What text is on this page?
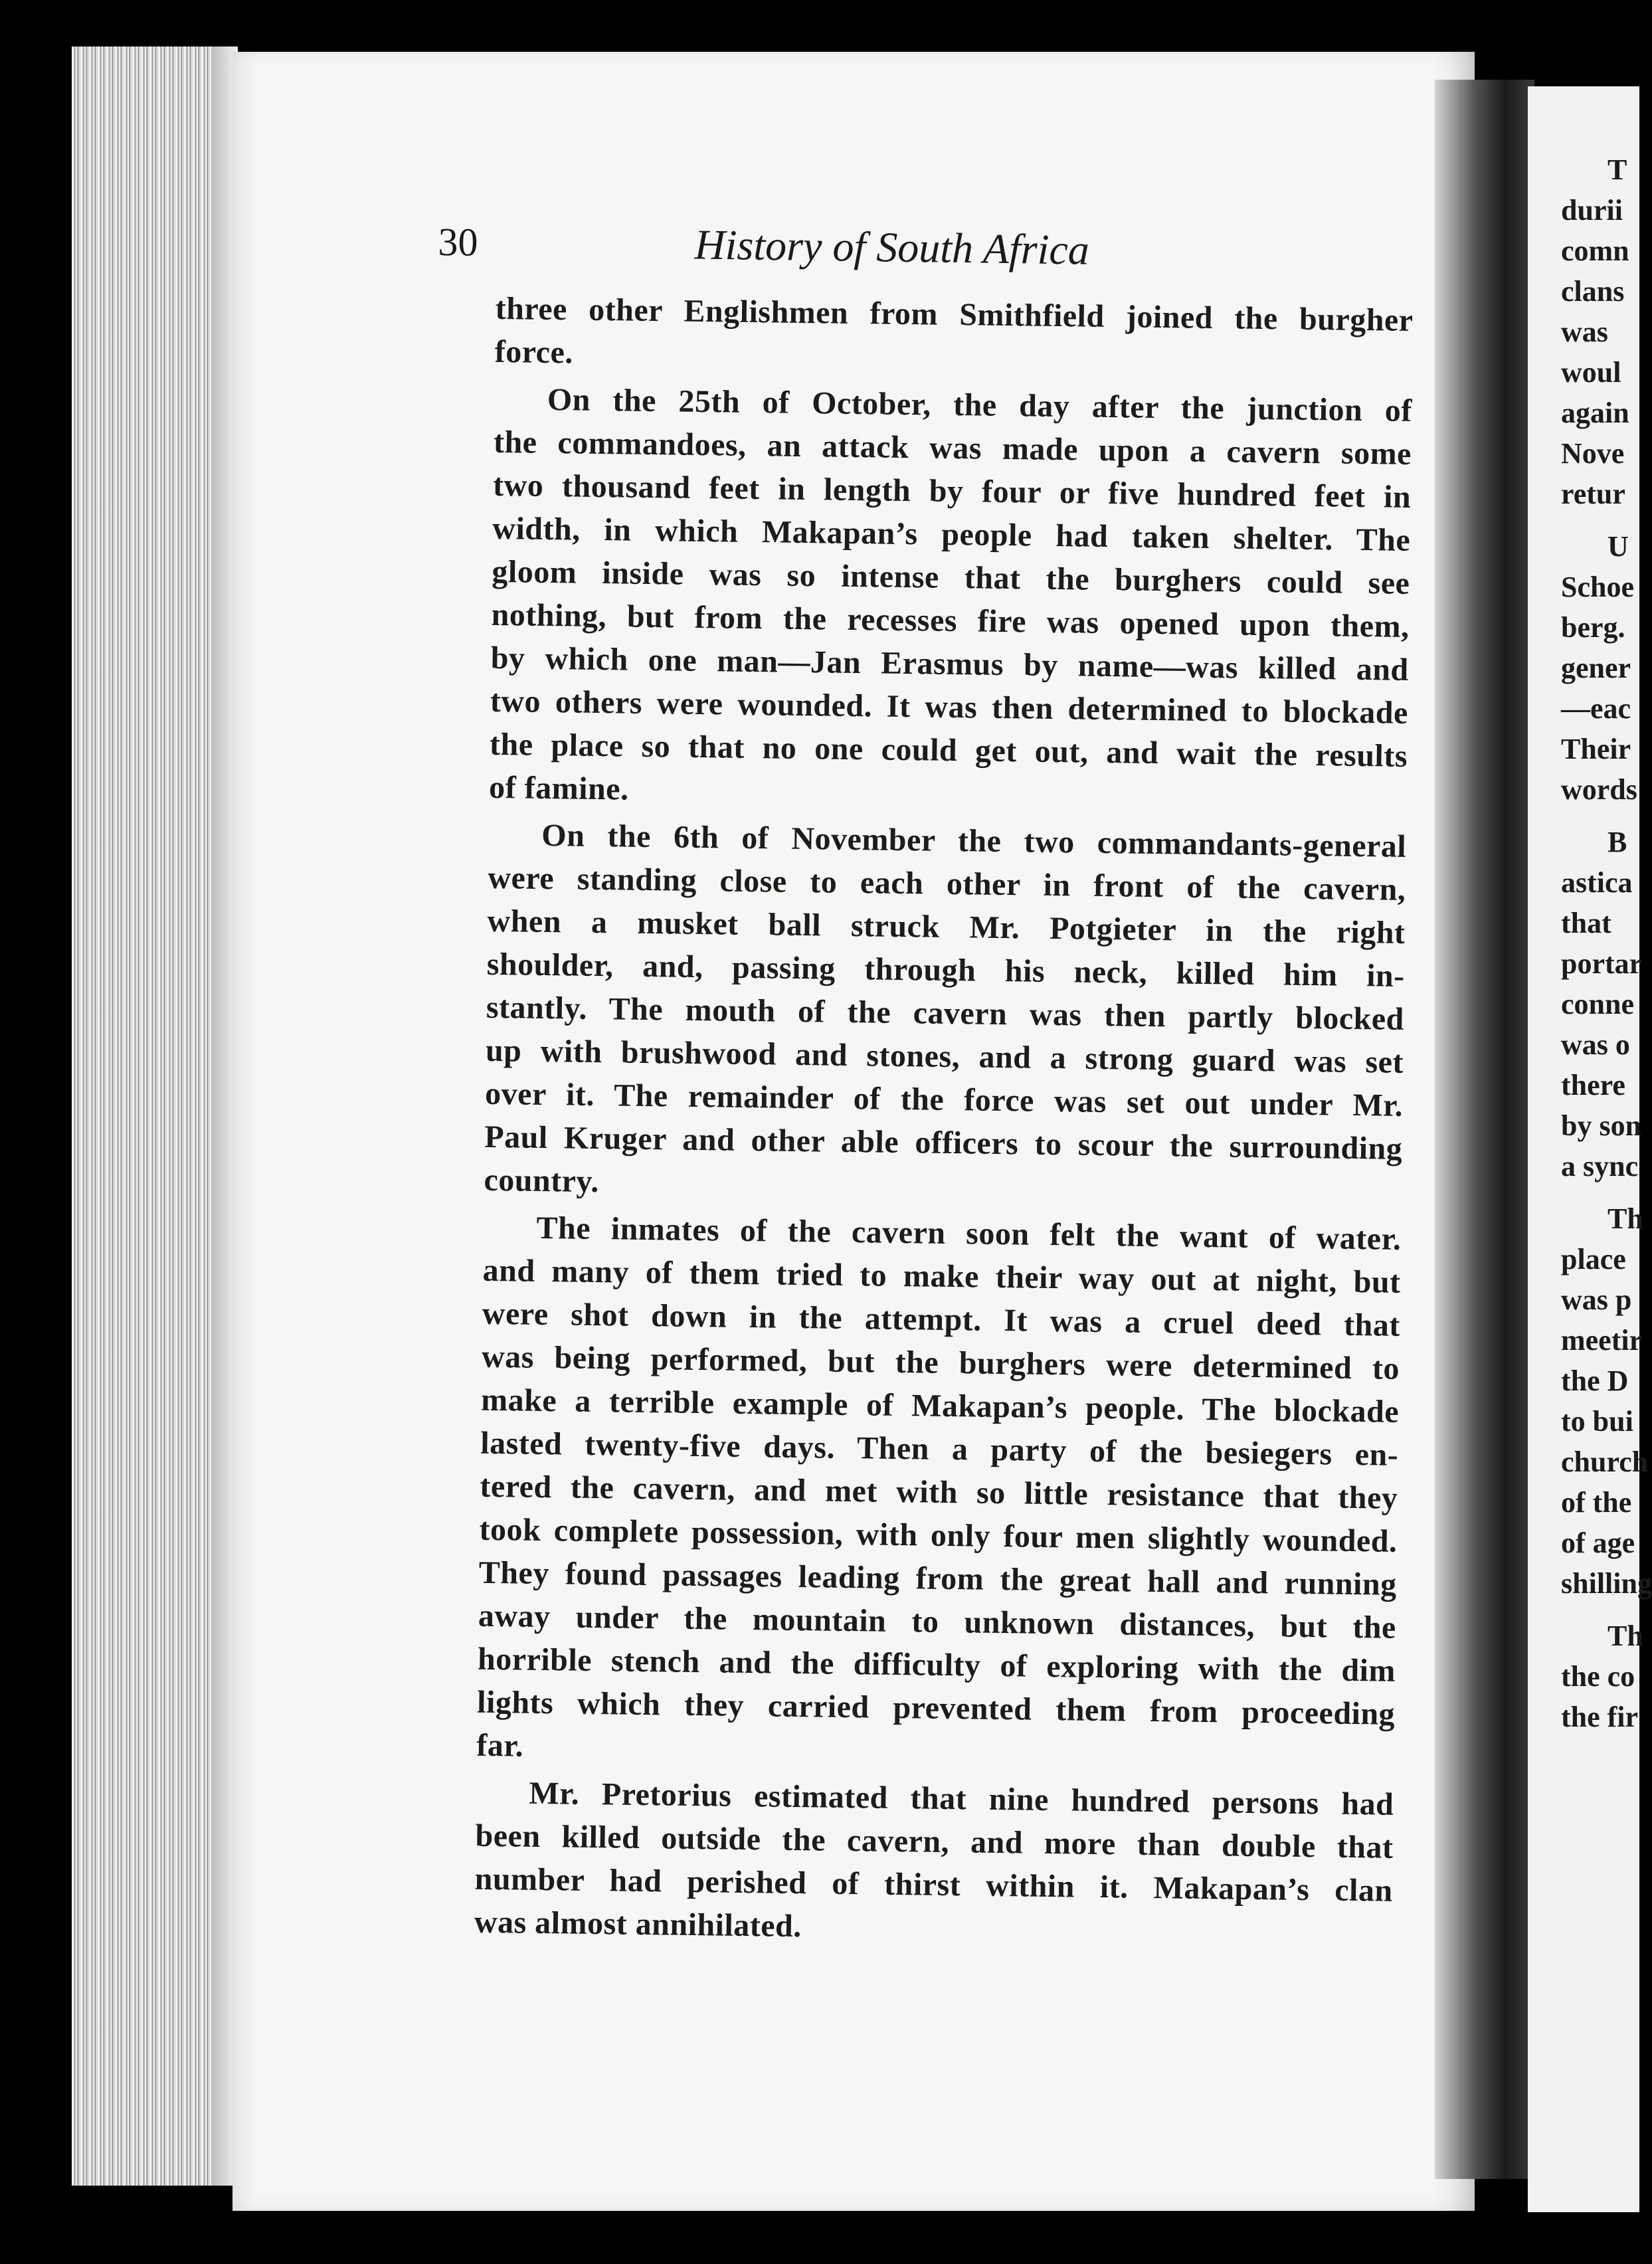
T
durii
comn
clans
was
woul
again
Nove
retur
U
Schoe
berg.
gener
—eac
Their
words
B
astica
that
portar
conne
was o
there
by son
a sync
Th
place
was p
meetir
the D
to bui
church
of the
of age
shilling
Th
the co
the fir
30	History of South Africa
three other Englishmen from Smithfield joined the burgher
force.
On the 25th of October, the day after the junction of
the commandoes, an attack was made upon a cavern some
two thousand feet in length by four or five hundred feet in
width, in which Makapan’s people had taken shelter. The
gloom inside was so intense that the burghers could see
nothing, but from the recesses fire was opened upon them,
by which one man—Jan Erasmus by name—was killed and
two others were wounded. It was then determined to blockade
the place so that no one could get out, and wait the results
of famine.
On the 6th of November the two commandants-general
were standing close to each other in front of the cavern,
when a musket ball struck Mr. Potgieter in the right
shoulder, and, passing through his neck, killed him in-
stantly. The mouth of the cavern was then partly blocked
up with brushwood and stones, and a strong guard was set
over it. The remainder of the force was set out under Mr.
Paul Kruger and other able officers to scour the surrounding
country.
The inmates of the cavern soon felt the want of water.
and many of them tried to make their way out at night, but
were shot down in the attempt. It was a cruel deed that
was being performed, but the burghers were determined to
make a terrible example of Makapan’s people. The blockade
lasted twenty-five days. Then a party of the besiegers en-
tered the cavern, and met with so little resistance that they
took complete possession, with only four men slightly wounded.
They found passages leading from the great hall and running
away under the mountain to unknown distances, but the
horrible stench and the difficulty of exploring with the dim
lights which they carried prevented them from proceeding
far.
Mr. Pretorius estimated that nine hundred persons had
been killed outside the cavern, and more than double that
number had perished of thirst within it. Makapan’s clan
was almost annihilated.
